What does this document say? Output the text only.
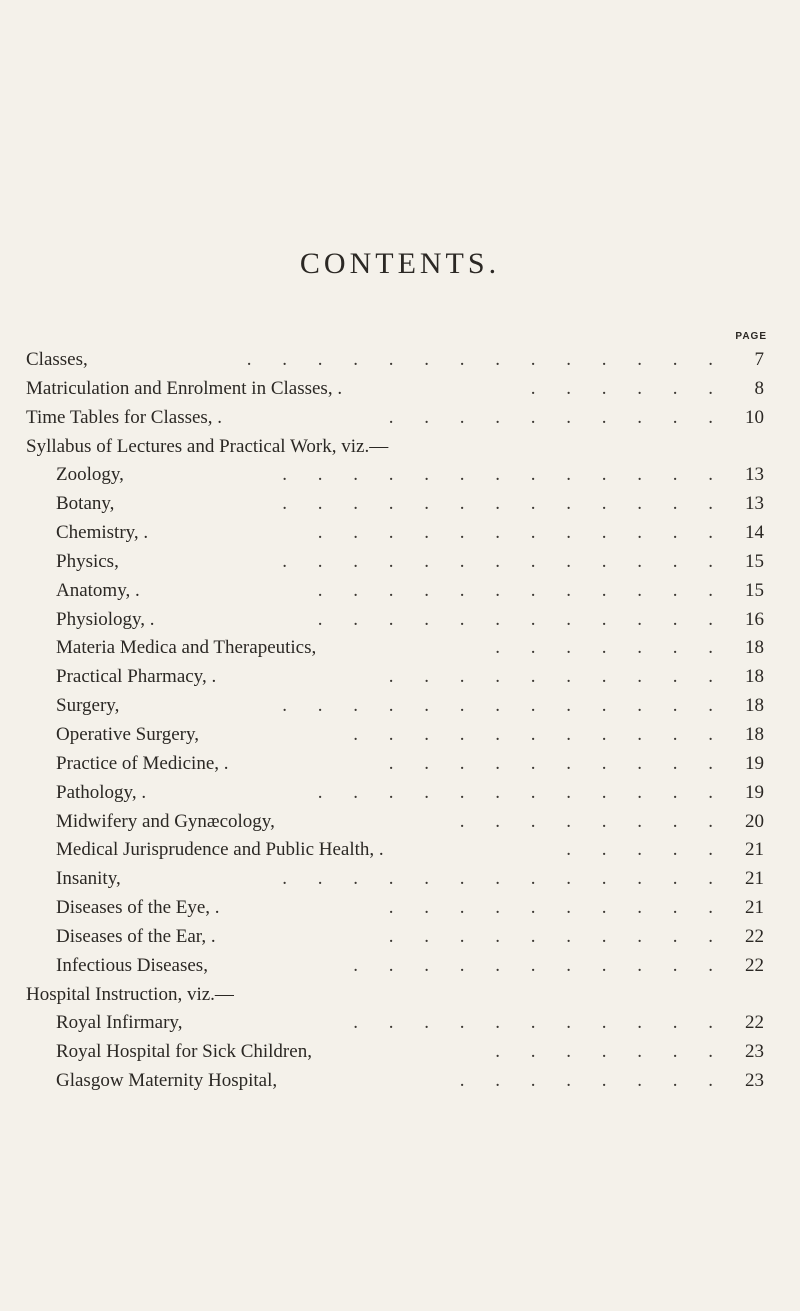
CONTENTS.
PAGE
. . . . . . . . . . . . . .
Classes,	7
. . . . . .
Matriculation and Enrolment in Classes, .	8
. . . . . . . . . .
Time Tables for Classes, .	10
Syllabus of Lectures and Practical Work, viz.—
. . . . . . . . . . . . .
Zoology,	13
. . . . . . . . . . . . .
Botany,	13
. . . . . . . . . . . .
Chemistry, .	14
. . . . . . . . . . . . .
Physics,	15
. . . . . . . . . . . .
Anatomy, .	15
. . . . . . . . . . . .
Physiology, .	16
. . . . . . .
Materia Medica and Therapeutics,	18
. . . . . . . . . .
Practical Pharmacy, .	18
. . . . . . . . . . . . .
Surgery,	18
. . . . . . . . . . .
Operative Surgery,	18
. . . . . . . . . .
Practice of Medicine, .	19
. . . . . . . . . . . .
Pathology, .	19
. . . . . . . .
Midwifery and Gynæcology,	20
. . . . .
Medical Jurisprudence and Public Health, .	21
. . . . . . . . . . . . .
Insanity,	21
. . . . . . . . . .
Diseases of the Eye, .	21
. . . . . . . . . .
Diseases of the Ear, .	22
. . . . . . . . . . .
Infectious Diseases,	22
Hospital Instruction, viz.—
. . . . . . . . . . .
Royal Infirmary,	22
. . . . . . .
Royal Hospital for Sick Children,	23
. . . . . . . .
Glasgow Maternity Hospital,	23
